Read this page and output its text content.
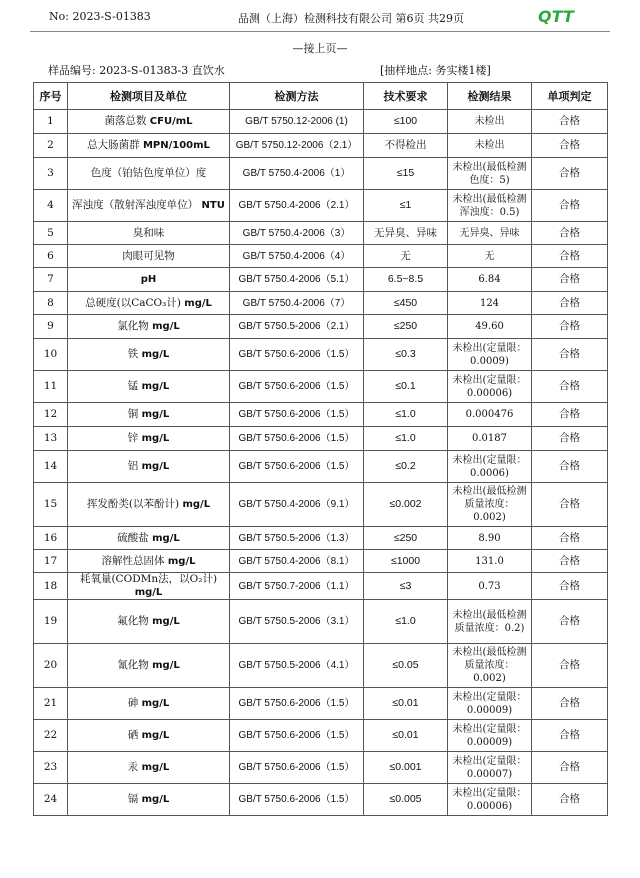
No: 2023-S-01383	品测（上海）检测科技有限公司 第6页 共29页	QTT
—接上页—
样品编号: 2023-S-01383-3 直饮水	[抽样地点: 务实楼1楼]
序号	检测项目及单位	检测方法	技术要求	检测结果	单项判定
1	菌落总数 CFU/mL	GB/T 5750.12-2006 (1)	≤100	未检出	合格
2	总大肠菌群 MPN/100mL	GB/T 5750.12-2006（2.1）	不得检出	未检出	合格
3	色度（铂钴色度单位）度	GB/T 5750.4-2006（1）	≤15	未检出(最低检测色度：5)	合格
4	浑浊度（散射浑浊度单位） NTU	GB/T 5750.4-2006（2.1）	≤1	未检出(最低检测浑浊度：0.5)	合格
5	臭和味	GB/T 5750.4-2006（3）	无异臭、异味	无异臭、异味	合格
6	肉眼可见物	GB/T 5750.4-2006（4）	无	无	合格
7	pH	GB/T 5750.4-2006（5.1）	6.5~8.5	6.84	合格
8	总硬度(以CaCO₃计) mg/L	GB/T 5750.4-2006（7）	≤450	124	合格
9	氯化物 mg/L	GB/T 5750.5-2006（2.1）	≤250	49.60	合格
10	铁 mg/L	GB/T 5750.6-2006（1.5）	≤0.3	未检出(定量限：0.0009)	合格
11	锰 mg/L	GB/T 5750.6-2006（1.5）	≤0.1	未检出(定量限：0.00006)	合格
12	铜 mg/L	GB/T 5750.6-2006（1.5）	≤1.0	0.000476	合格
13	锌 mg/L	GB/T 5750.6-2006（1.5）	≤1.0	0.0187	合格
14	铝 mg/L	GB/T 5750.6-2006（1.5）	≤0.2	未检出(定量限：0.0006)	合格
15	挥发酚类(以苯酚计) mg/L	GB/T 5750.4-2006（9.1）	≤0.002	未检出(最低检测质量浓度：0.002)	合格
16	硫酸盐 mg/L	GB/T 5750.5-2006（1.3）	≤250	8.90	合格
17	溶解性总固体 mg/L	GB/T 5750.4-2006（8.1）	≤1000	131.0	合格
18	耗氧量(CODMn法，以O₂计) mg/L	GB/T 5750.7-2006（1.1）	≤3	0.73	合格
19	氟化物 mg/L	GB/T 5750.5-2006（3.1）	≤1.0	未检出(最低检测质量浓度：0.2)	合格
20	氰化物 mg/L	GB/T 5750.5-2006（4.1）	≤0.05	未检出(最低检测质量浓度：0.002)	合格
21	砷 mg/L	GB/T 5750.6-2006（1.5）	≤0.01	未检出(定量限：0.00009)	合格
22	硒 mg/L	GB/T 5750.6-2006（1.5）	≤0.01	未检出(定量限：0.00009)	合格
23	汞 mg/L	GB/T 5750.6-2006（1.5）	≤0.001	未检出(定量限：0.00007)	合格
24	镉 mg/L	GB/T 5750.6-2006（1.5）	≤0.005	未检出(定量限：0.00006)	合格
